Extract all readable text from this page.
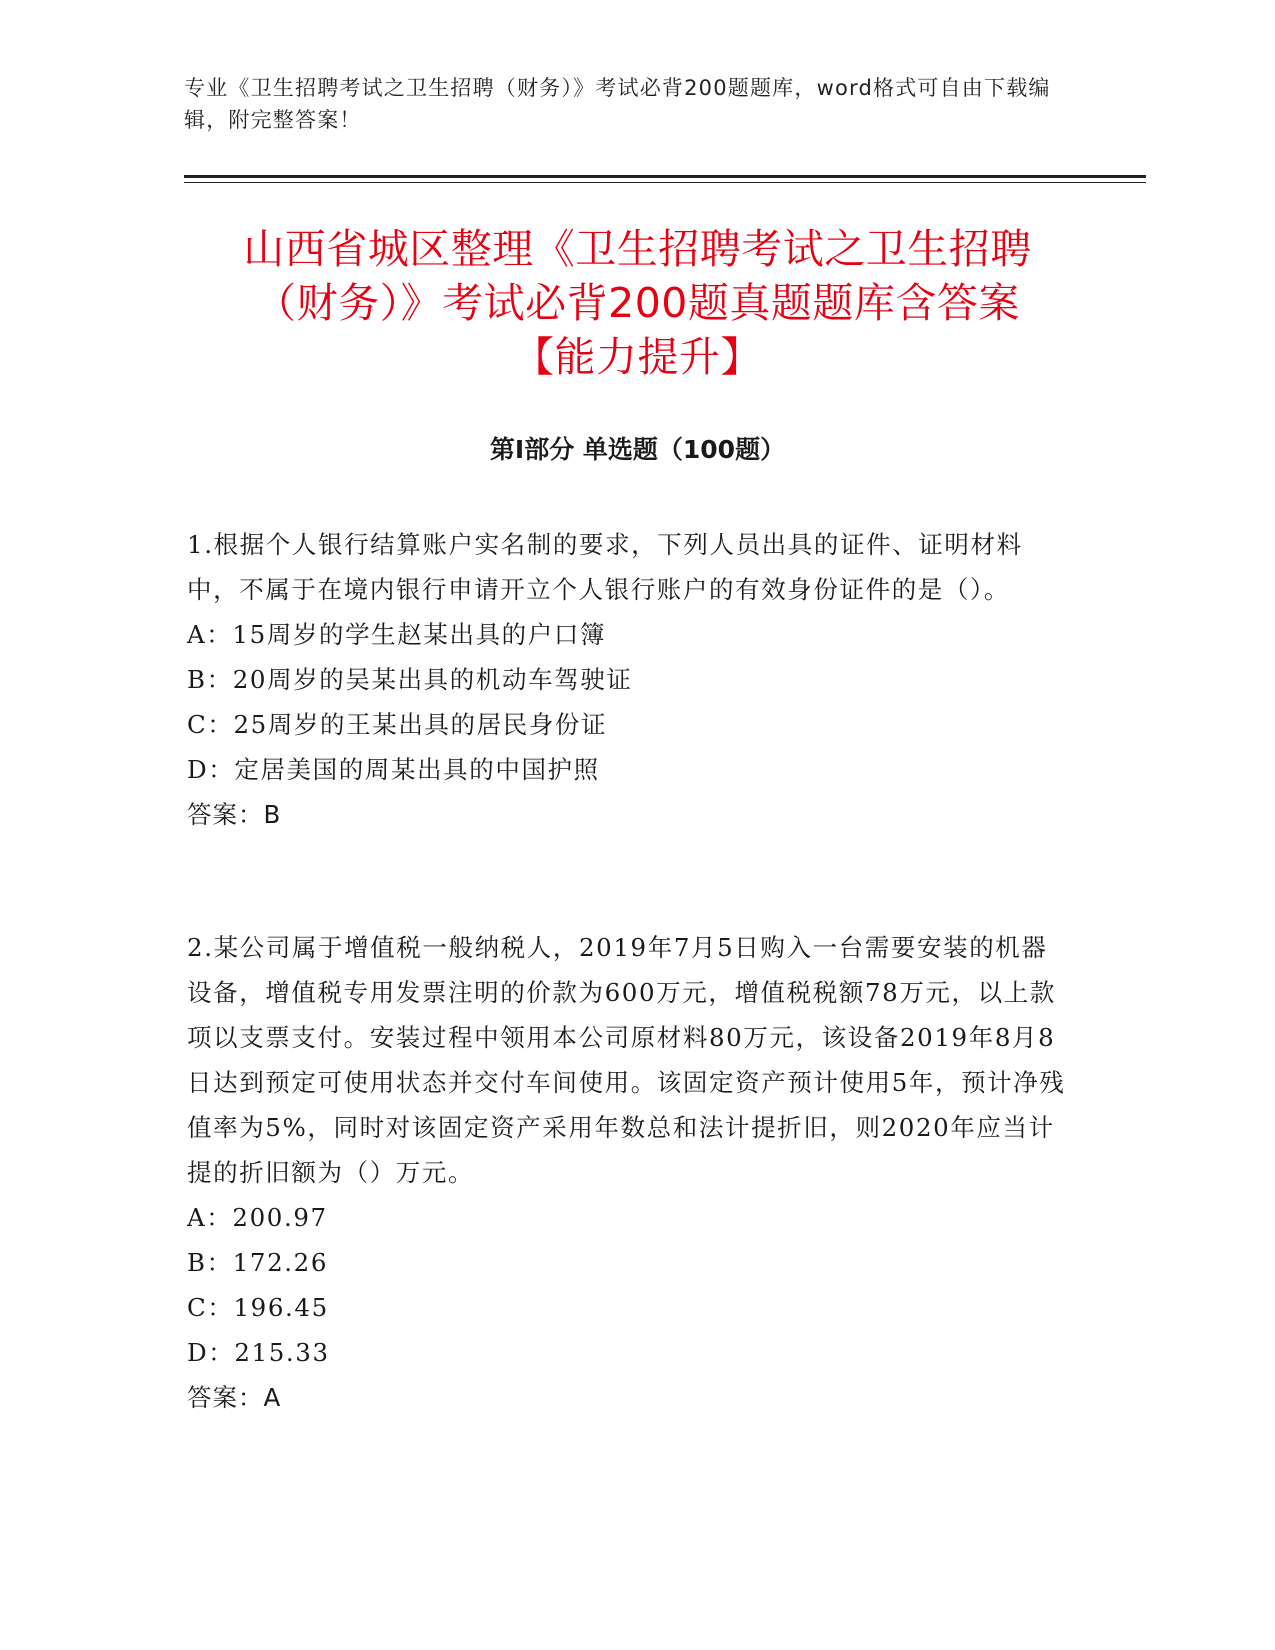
专业《卫生招聘考试之卫生招聘（财务）》考试必背200题题库，word格式可自由下载编辑，附完整答案！
山西省城区整理《卫生招聘考试之卫生招聘
（财务）》考试必背200题真题题库含答案
【能力提升】
第Ⅰ部分 单选题（100题）

1.根据个人银行结算账户实名制的要求，下列人员出具的证件、证明材料中，不属于在境内银行申请开立个人银行账户的有效身份证件的是（）。

A：15周岁的学生赵某出具的户口簿

B：20周岁的吴某出具的机动车驾驶证

C：25周岁的王某出具的居民身份证

D：定居美国的周某出具的中国护照

答案：B

2.某公司属于增值税一般纳税人，2019年7月5日购入一台需要安装的机器设备，增值税专用发票注明的价款为600万元，增值税税额78万元，以上款项以支票支付。安装过程中领用本公司原材料80万元，该设备2019年8月8日达到预定可使用状态并交付车间使用。该固定资产预计使用5年，预计净残值率为5%，同时对该固定资产采用年数总和法计提折旧，则2020年应当计提的折旧额为（）万元。

A：200.97

B：172.26

C：196.45

D：215.33

答案：A
